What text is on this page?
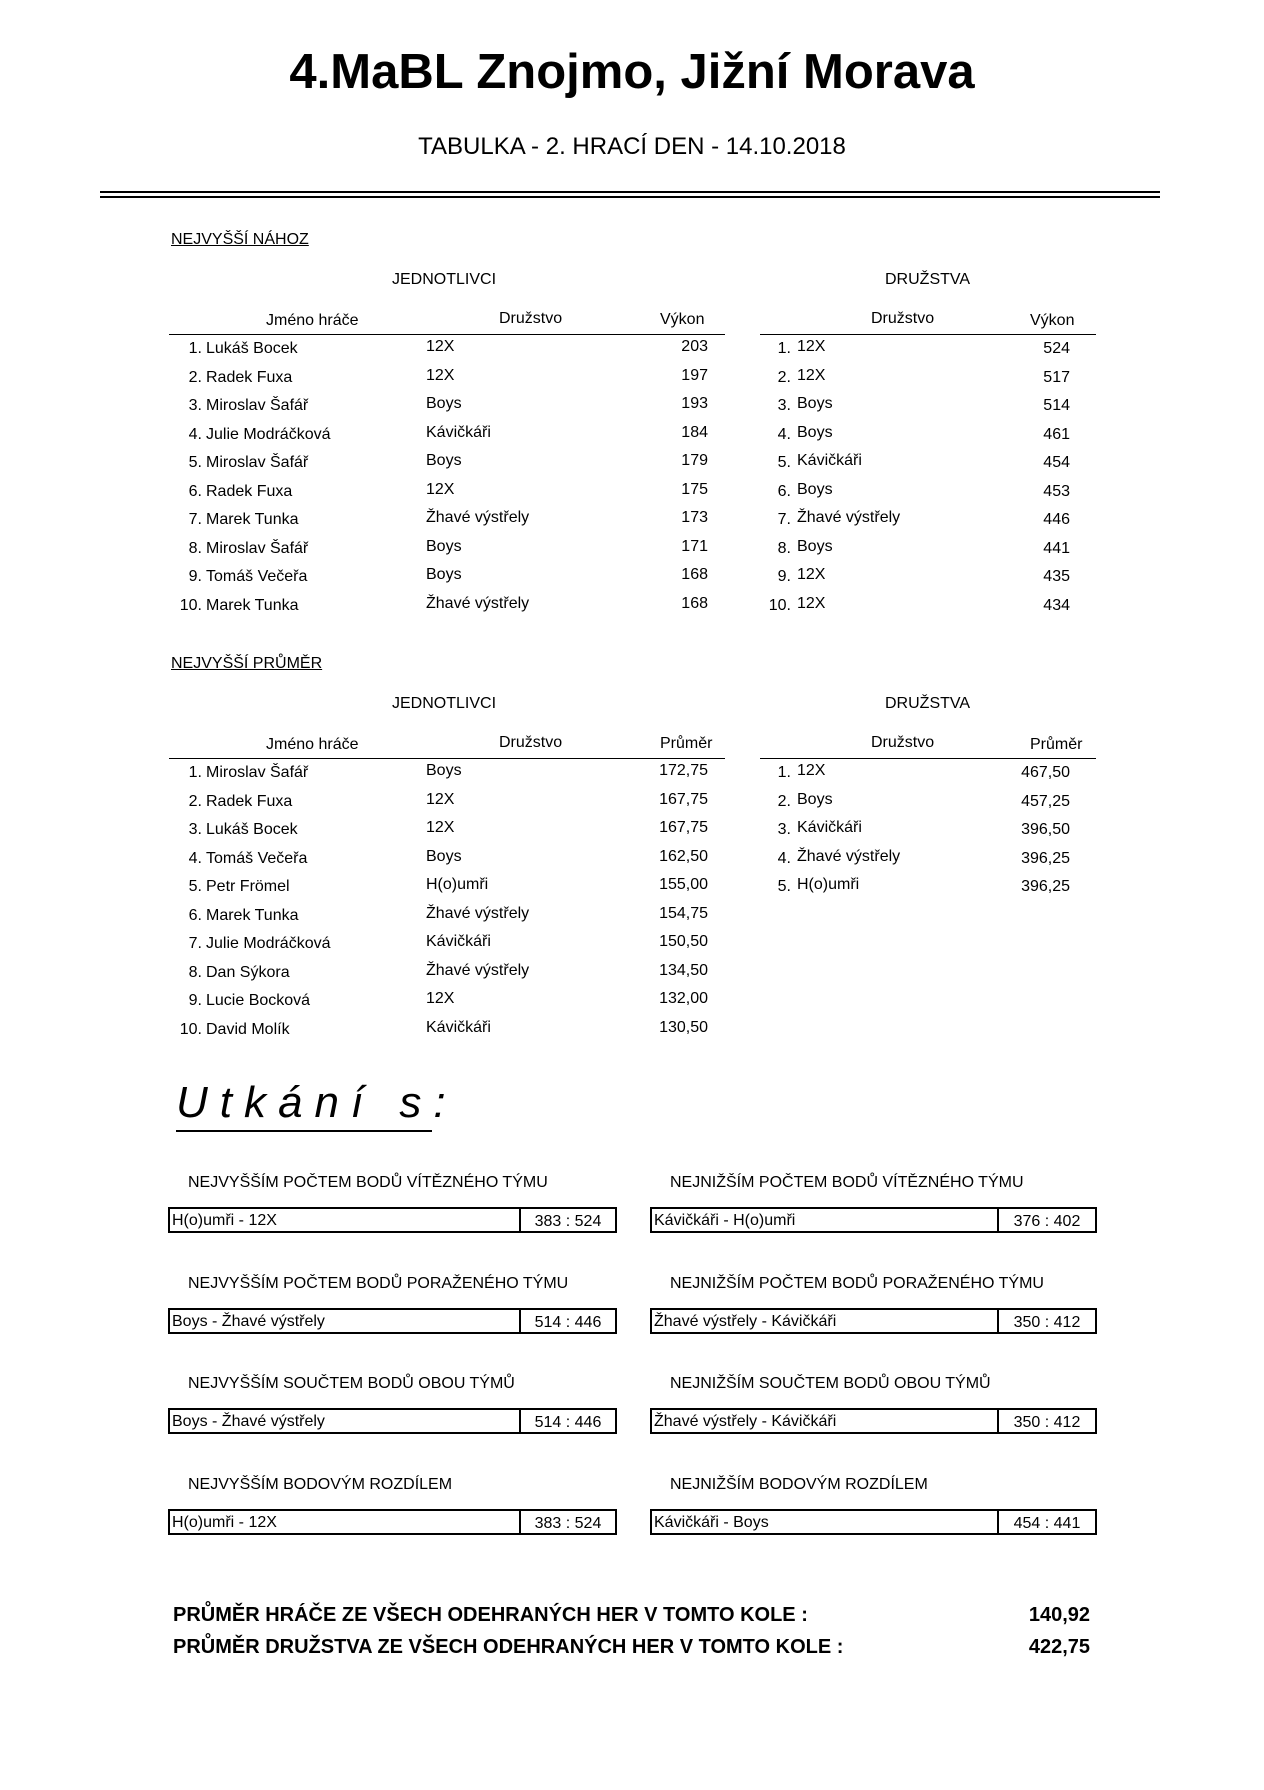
4.MaBL Znojmo, Jižní Morava
TABULKA - 2. HRACÍ DEN - 14.10.2018
NEJVYŠŠÍ NÁHOZ
JEDNOTLIVCI	DRUŽSTVA
Jméno hráče	Družstvo	Výkon	Družstvo	Výkon
1. Lukáš Bocek	12X	203
2. Radek Fuxa	12X	197
3. Miroslav Šafář	Boys	193
4. Julie Modráčková	Kávičkáři	184
5. Miroslav Šafář	Boys	179
6. Radek Fuxa	12X	175
7. Marek Tunka	Žhavé výstřely	173
8. Miroslav Šafář	Boys	171
9. Tomáš Večeřa	Boys	168
10. Marek Tunka	Žhavé výstřely	168
1. 12X	524
2. 12X	517
3. Boys	514
4. Boys	461
5. Kávičkáři	454
6. Boys	453
7. Žhavé výstřely	446
8. Boys	441
9. 12X	435
10. 12X	434
NEJVYŠŠÍ PRŮMĚR
JEDNOTLIVCI	DRUŽSTVA
Jméno hráče	Družstvo	Průměr	Družstvo	Průměr
1. Miroslav Šafář	Boys	172,75
2. Radek Fuxa	12X	167,75
3. Lukáš Bocek	12X	167,75
4. Tomáš Večeřa	Boys	162,50
5. Petr Frömel	H(o)umři	155,00
6. Marek Tunka	Žhavé výstřely	154,75
7. Julie Modráčková	Kávičkáři	150,50
8. Dan Sýkora	Žhavé výstřely	134,50
9. Lucie Bocková	12X	132,00
10. David Molík	Kávičkáři	130,50
1. 12X	467,50
2. Boys	457,25
3. Kávičkáři	396,50
4. Žhavé výstřely	396,25
5. H(o)umři	396,25
Utkání s:
NEJVYŠŠÍM POČTEM BODŮ VÍTĚZNÉHO TÝMU
H(o)umři - 12X	383 : 524
NEJNIŽŠÍM POČTEM BODŮ VÍTĚZNÉHO TÝMU
Kávičkáři - H(o)umři	376 : 402
NEJVYŠŠÍM POČTEM BODŮ PORAŽENÉHO TÝMU
Boys - Žhavé výstřely	514 : 446
NEJNIŽŠÍM POČTEM BODŮ PORAŽENÉHO TÝMU
Žhavé výstřely - Kávičkáři	350 : 412
NEJVYŠŠÍM SOUČTEM BODŮ OBOU TÝMŮ
Boys - Žhavé výstřely	514 : 446
NEJNIŽŠÍM SOUČTEM BODŮ OBOU TÝMŮ
Žhavé výstřely - Kávičkáři	350 : 412
NEJVYŠŠÍM BODOVÝM ROZDÍLEM
H(o)umři - 12X	383 : 524
NEJNIŽŠÍM BODOVÝM ROZDÍLEM
Kávičkáři - Boys	454 : 441
PRŮMĚR HRÁČE ZE VŠECH ODEHRANÝCH HER V TOMTO KOLE :	140,92
PRŮMĚR DRUŽSTVA ZE VŠECH ODEHRANÝCH HER V TOMTO KOLE :	422,75
